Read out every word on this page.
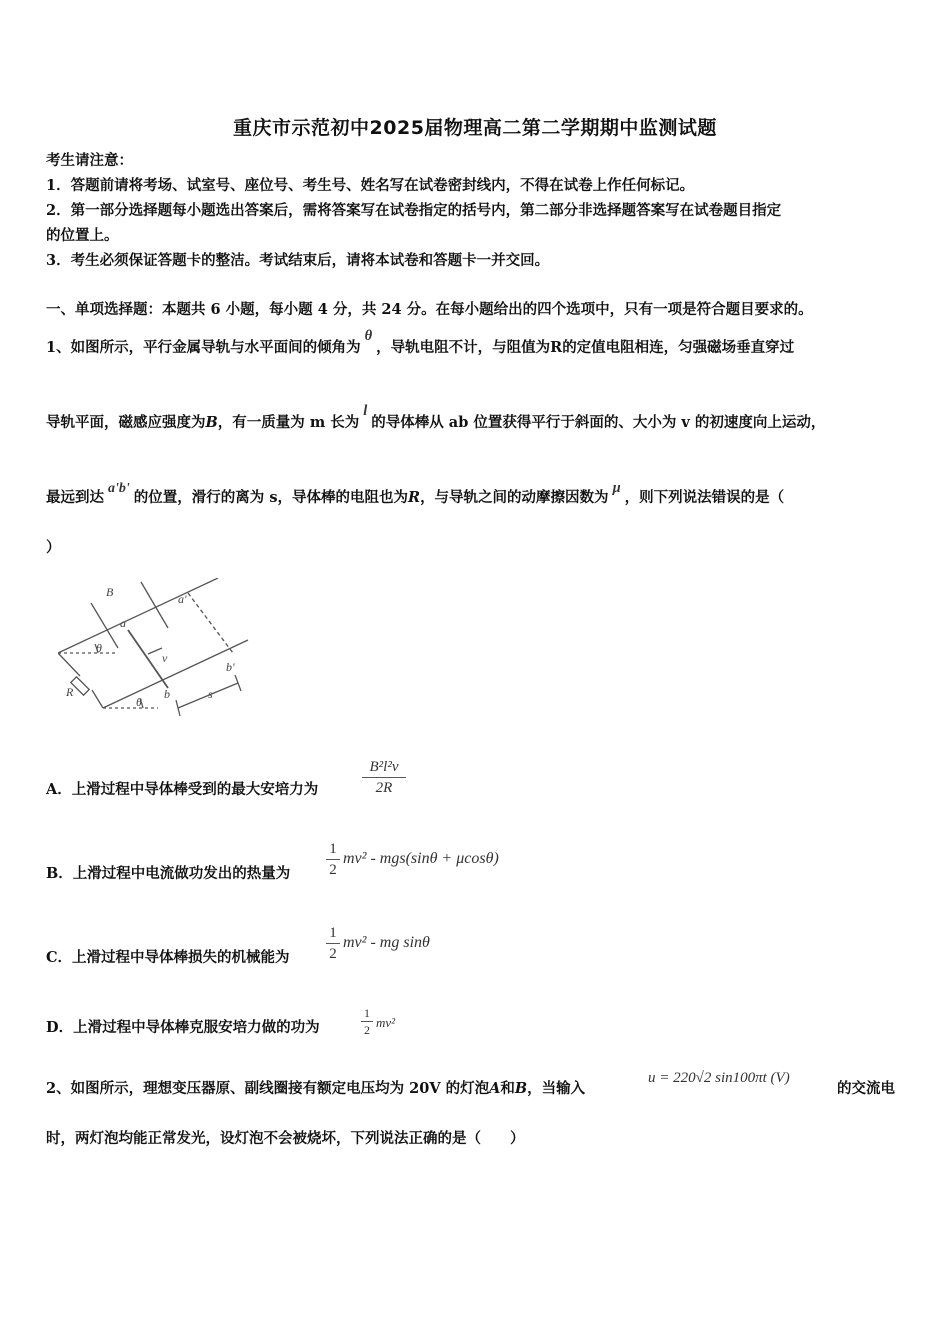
重庆市示范初中2025届物理高二第二学期期中监测试题
考生请注意：
1．答题前请将考场、试室号、座位号、考生号、姓名写在试卷密封线内，不得在试卷上作任何标记。
2．第一部分选择题每小题选出答案后，需将答案写在试卷指定的括号内，第二部分非选择题答案写在试卷题目指定
的位置上。
3．考生必须保证答题卡的整洁。考试结束后，请将本试卷和答题卡一并交回。
一、单项选择题：本题共 6 小题，每小题 4 分，共 24 分。在每小题给出的四个选项中，只有一项是符合题目要求的。
1、如图所示，平行金属导轨与水平面间的倾角为θ，导轨电阻不计，与阻值为R的定值电阻相连，匀强磁场垂直穿过
导轨平面，磁感应强度为B，有一质量为 m 长为l的导体棒从 ab 位置获得平行于斜面的、大小为 v 的初速度向上运动，
最远到达a'b'的位置，滑行的离为 s，导体棒的电阻也为R，与导轨之间的动摩擦因数为μ，则下列说法错误的是（
）
B
a
a'
b
b'
v
R
θ
θ
s
A．上滑过程中导体棒受到的最大安培力为
B²l²v
2R
B．上滑过程中电流做功发出的热量为
1
2
mv² - mgs(sinθ + μcosθ)
C．上滑过程中导体棒损失的机械能为
1
2
mv² - mg sinθ
D．上滑过程中导体棒克服安培力做的功为
1
2 mv²
2、如图所示，理想变压器原、副线圈接有额定电压均为 20V 的灯泡A和B，当输入
u = 220√2 sin100πt (V)
的交流电
时，两灯泡均能正常发光，设灯泡不会被烧坏，下列说法正确的是（　　）
